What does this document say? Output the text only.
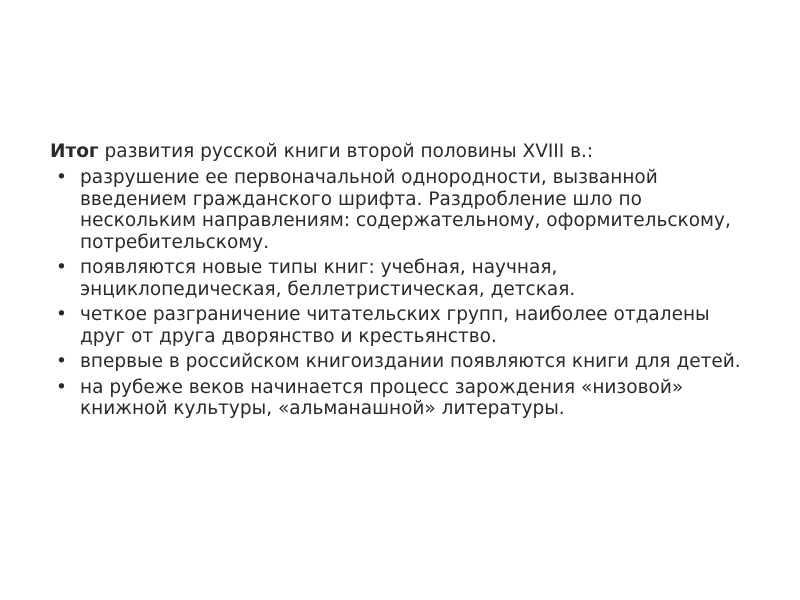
Итог развития русской книги второй половины XVIII в.:

• разрушение ее первоначальной однородности, вызванной введением гражданского шрифта. Раздробление шло по нескольким направлениям: содержательному, оформительскому, потребительскому.
• появляются новые типы книг: учебная, научная, энциклопедическая, беллетристическая, детская.
• четкое разграничение читательских групп, наиболее отдалены друг от друга дворянство и крестьянство.
• впервые в российском книгоиздании появляются книги для детей.
• на рубеже веков начинается процесс зарождения «низовой» книжной культуры, «альманашной» литературы.
